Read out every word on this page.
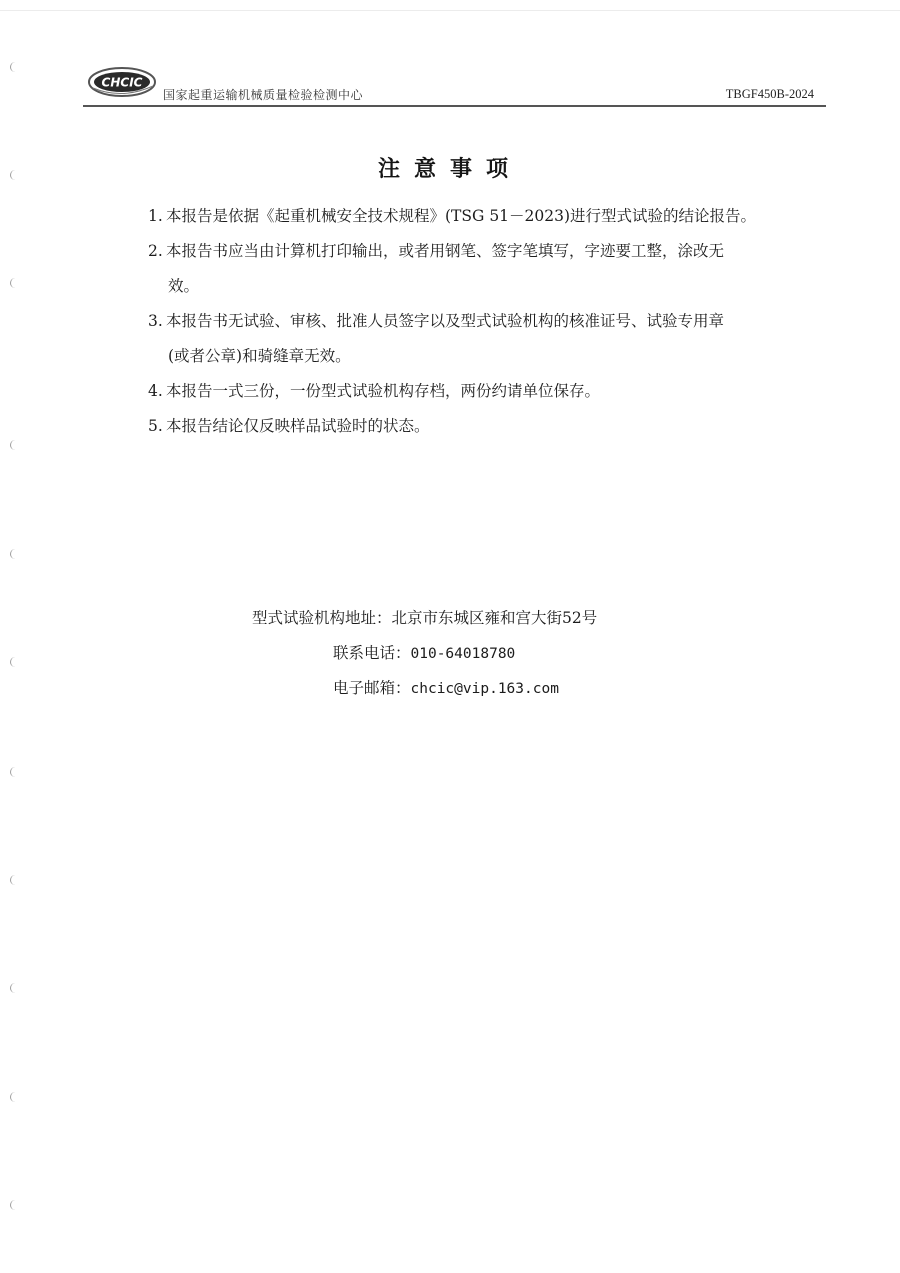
CHCIC
国家起重运输机械质量检验检测中心	TBGF450B-2024
注意事项
1. 本报告是依据《起重机械安全技术规程》(TSG 51－2023)进行型式试验的结论报告。
2. 本报告书应当由计算机打印输出，或者用钢笔、签字笔填写，字迹要工整，涂改无
效。
3. 本报告书无试验、审核、批准人员签字以及型式试验机构的核准证号、试验专用章
(或者公章)和骑缝章无效。
4. 本报告一式三份，一份型式试验机构存档，两份约请单位保存。
5. 本报告结论仅反映样品试验时的状态。
型式试验机构地址：北京市东城区雍和宫大街52号
联系电话：010-64018780
电子邮箱：chcic@vip.163.com
